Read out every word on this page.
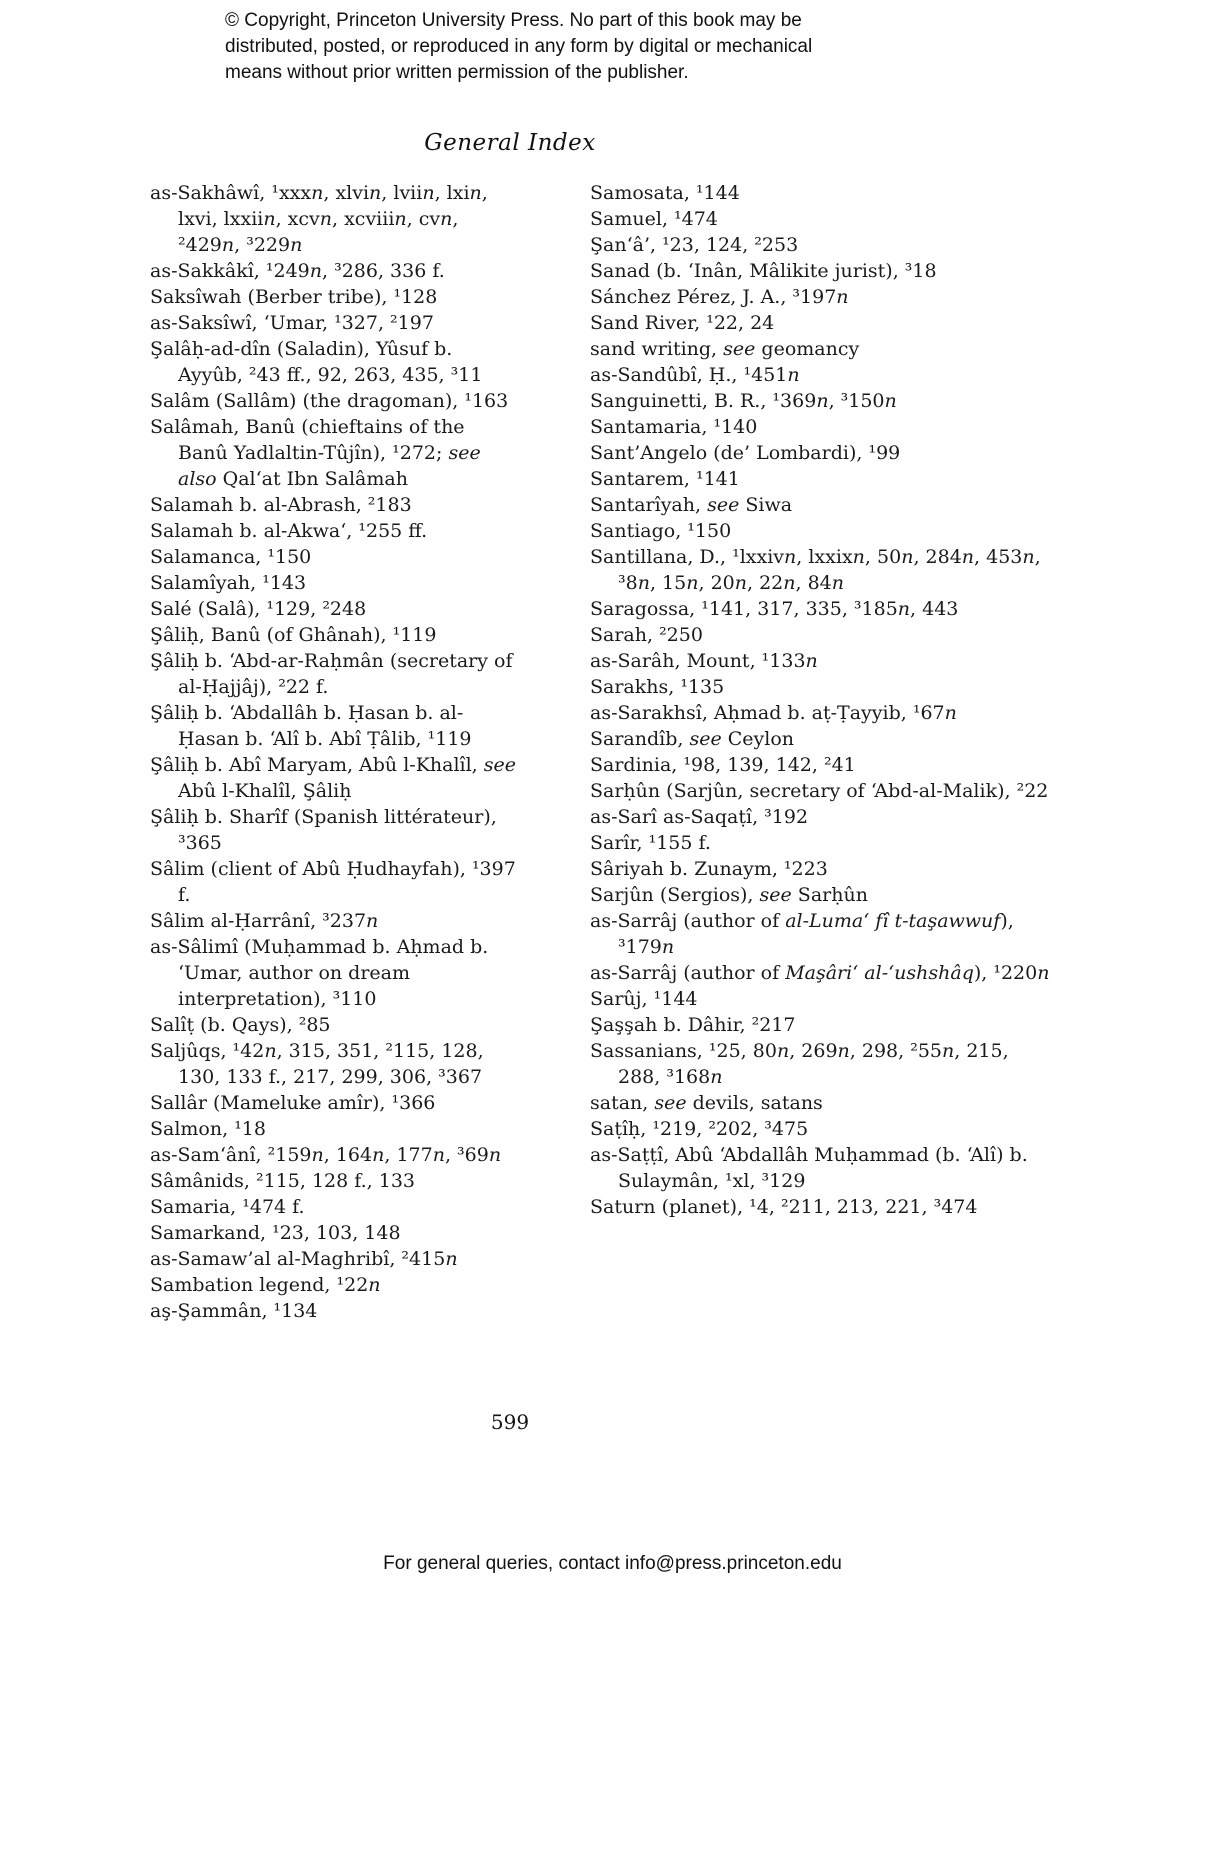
© Copyright, Princeton University Press. No part of this book may be distributed, posted, or reproduced in any form by digital or mechanical means without prior written permission of the publisher.
General Index
as-Sakhâwî, ¹xxxn, xlvin, lviin, lxin, lxvi, lxxiin, xcvn, xcviiin, cvn, ²429n, ³229n
as-Sakkâkî, ¹249n, ³286, 336 f.
Saksîwah (Berber tribe), ¹128
as-Saksîwî, ‘Umar, ¹327, ²197
Şalâḥ-ad-dîn (Saladin), Yûsuf b. Ayyûb, ²43 ff., 92, 263, 435, ³11
Salâm (Sallâm) (the dragoman), ¹163
Salâmah, Banû (chieftains of the Banû Yadlaltin-Tûjîn), ¹272; see also Qal‘at Ibn Salâmah
Salamah b. al-Abrash, ²183
Salamah b. al-Akwa‘, ¹255 ff.
Salamanca, ¹150
Salamîyah, ¹143
Salé (Salâ), ¹129, ²248
Şâliḥ, Banû (of Ghânah), ¹119
Şâliḥ b. ‘Abd-ar-Raḥmân (secretary of al-Ḥajjâj), ²22 f.
Şâliḥ b. ‘Abdallâh b. Ḥasan b. al-Ḥasan b. ‘Alî b. Abî Ṭâlib, ¹119
Şâliḥ b. Abî Maryam, Abû l-Khalîl, see Abû l-Khalîl, Şâliḥ
Şâliḥ b. Sharîf (Spanish littérateur), ³365
Sâlim (client of Abû Ḥudhayfah), ¹397 f.
Sâlim al-Ḥarrânî, ³237n
as-Sâlimî (Muḥammad b. Aḥmad b. ‘Umar, author on dream interpretation), ³110
Salîṭ (b. Qays), ²85
Saljûqs, ¹42n, 315, 351, ²115, 128, 130, 133 f., 217, 299, 306, ³367
Sallâr (Mameluke amîr), ¹366
Salmon, ¹18
as-Sam‘ânî, ²159n, 164n, 177n, ³69n
Sâmânids, ²115, 128 f., 133
Samaria, ¹474 f.
Samarkand, ¹23, 103, 148
as-Samaw’al al-Maghribî, ²415n
Sambation legend, ¹22n
aş-Şammân, ¹134
Samosata, ¹144
Samuel, ¹474
Şan‘â’, ¹23, 124, ²253
Sanad (b. ‘Inân, Mâlikite jurist), ³18
Sánchez Pérez, J. A., ³197n
Sand River, ¹22, 24
sand writing, see geomancy
as-Sandûbî, Ḥ., ¹451n
Sanguinetti, B. R., ¹369n, ³150n
Santamaria, ¹140
Sant’Angelo (de’ Lombardi), ¹99
Santarem, ¹141
Santarîyah, see Siwa
Santiago, ¹150
Santillana, D., ¹lxxivn, lxxixn, 50n, 284n, 453n, ³8n, 15n, 20n, 22n, 84n
Saragossa, ¹141, 317, 335, ³185n, 443
Sarah, ²250
as-Sarâh, Mount, ¹133n
Sarakhs, ¹135
as-Sarakhsî, Aḥmad b. aṭ-Ṭayyib, ¹67n
Sarandîb, see Ceylon
Sardinia, ¹98, 139, 142, ²41
Sarḥûn (Sarjûn, secretary of ‘Abd-al-Malik), ²22
as-Sarî as-Saqaṭî, ³192
Sarîr, ¹155 f.
Sâriyah b. Zunaym, ¹223
Sarjûn (Sergios), see Sarḥûn
as-Sarrâj (author of al-Luma‘ fî t-taşawwuf), ³179n
as-Sarrâj (author of Maşâri‘ al-‘ushshâq), ¹220n
Sarûj, ¹144
Şaşşah b. Dâhir, ²217
Sassanians, ¹25, 80n, 269n, 298, ²55n, 215, 288, ³168n
satan, see devils, satans
Saṭîḥ, ¹219, ²202, ³475
as-Saṭṭî, Abû ‘Abdallâh Muḥammad (b. ‘Alî) b. Sulaymân, ¹xl, ³129
Saturn (planet), ¹4, ²211, 213, 221, ³474
599
For general queries, contact info@press.princeton.edu
